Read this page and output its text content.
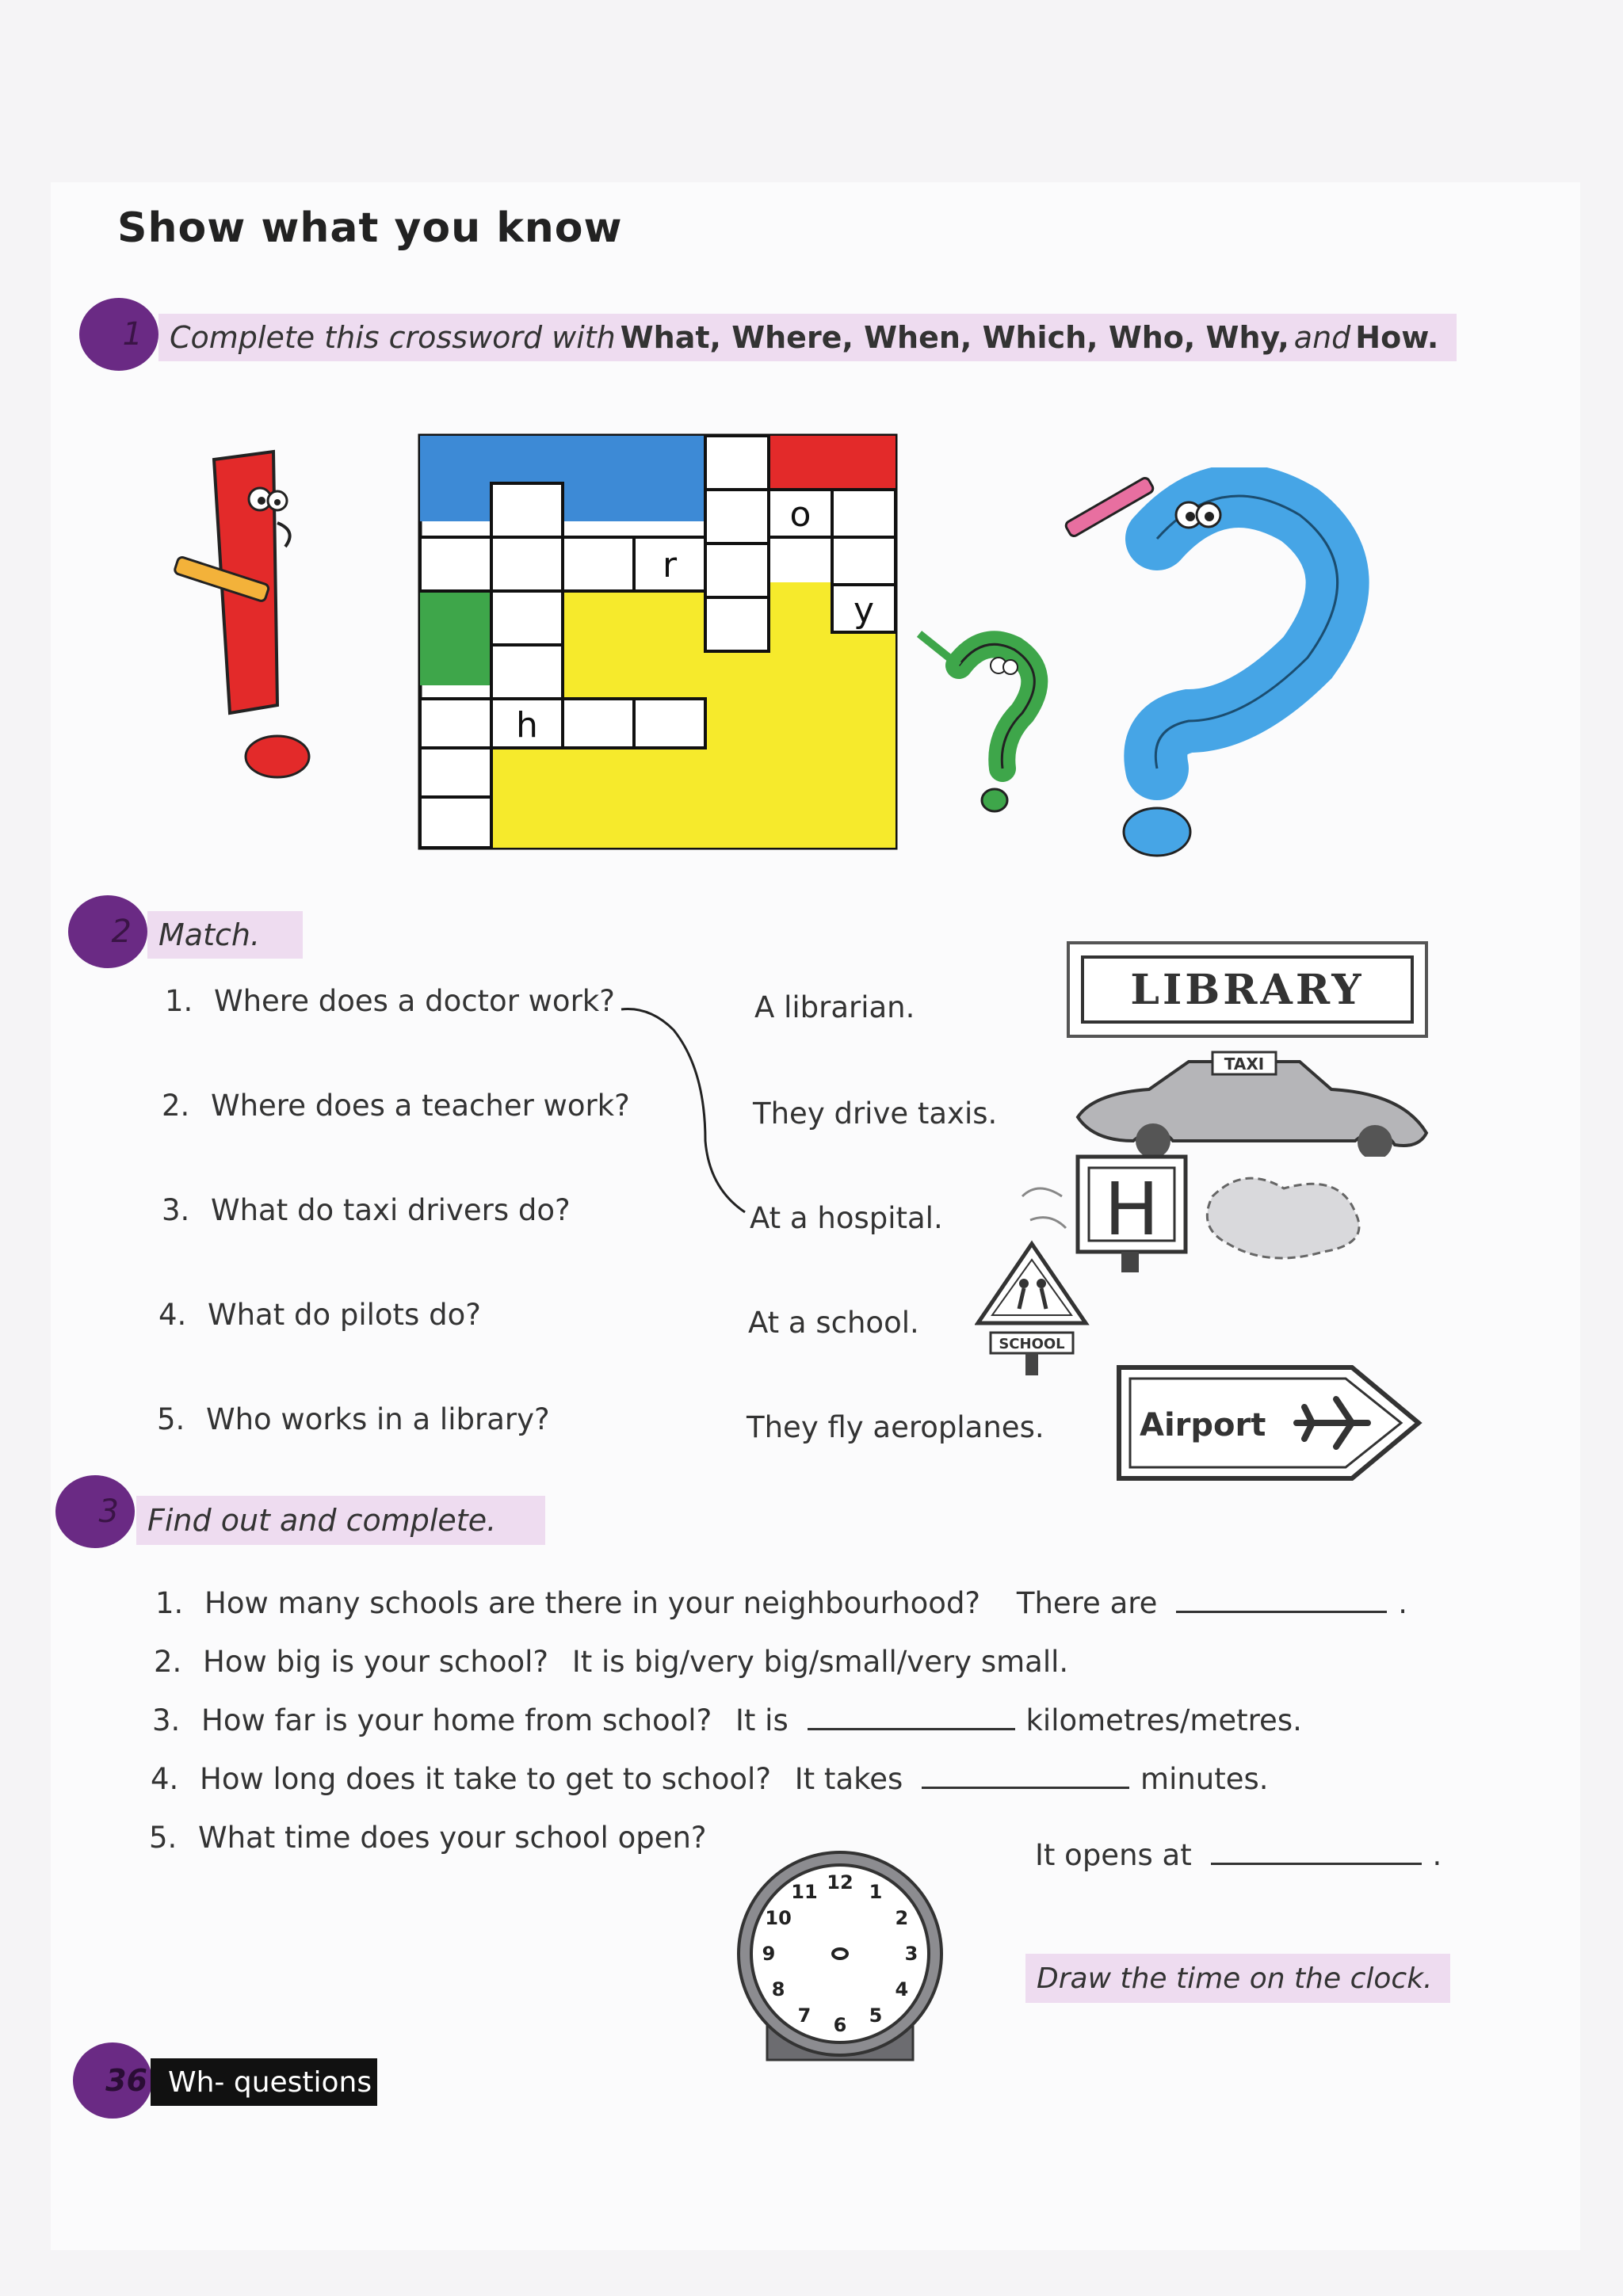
Show what you know
1 Complete this crossword with What, Where, When, Which, Who, Why, and How.
o
r
y
h
2 Match.
1. Where does a doctor work?
2. Where does a teacher work?
3. What do taxi drivers do?
4. What do pilots do?
5. Who works in a library?
A librarian.
They drive taxis.
At a hospital.
At a school.
They fly aeroplanes.
LIBRARY
TAXI
H
SCHOOL
Airport
3 Find out and complete.
1. How many schools are there in your neighbourhood? There are	.
2. How big is your school? It is big/very big/small/very small.
3. How far is your home from school? It is	kilometres/metres.
4. How long does it take to get to school? It takes	minutes.
5. What time does your school open?
It opens at	.
12 1
2
3
4
5
6
7
8
9
10
11
Draw the time on the clock.
36 Wh- questions
